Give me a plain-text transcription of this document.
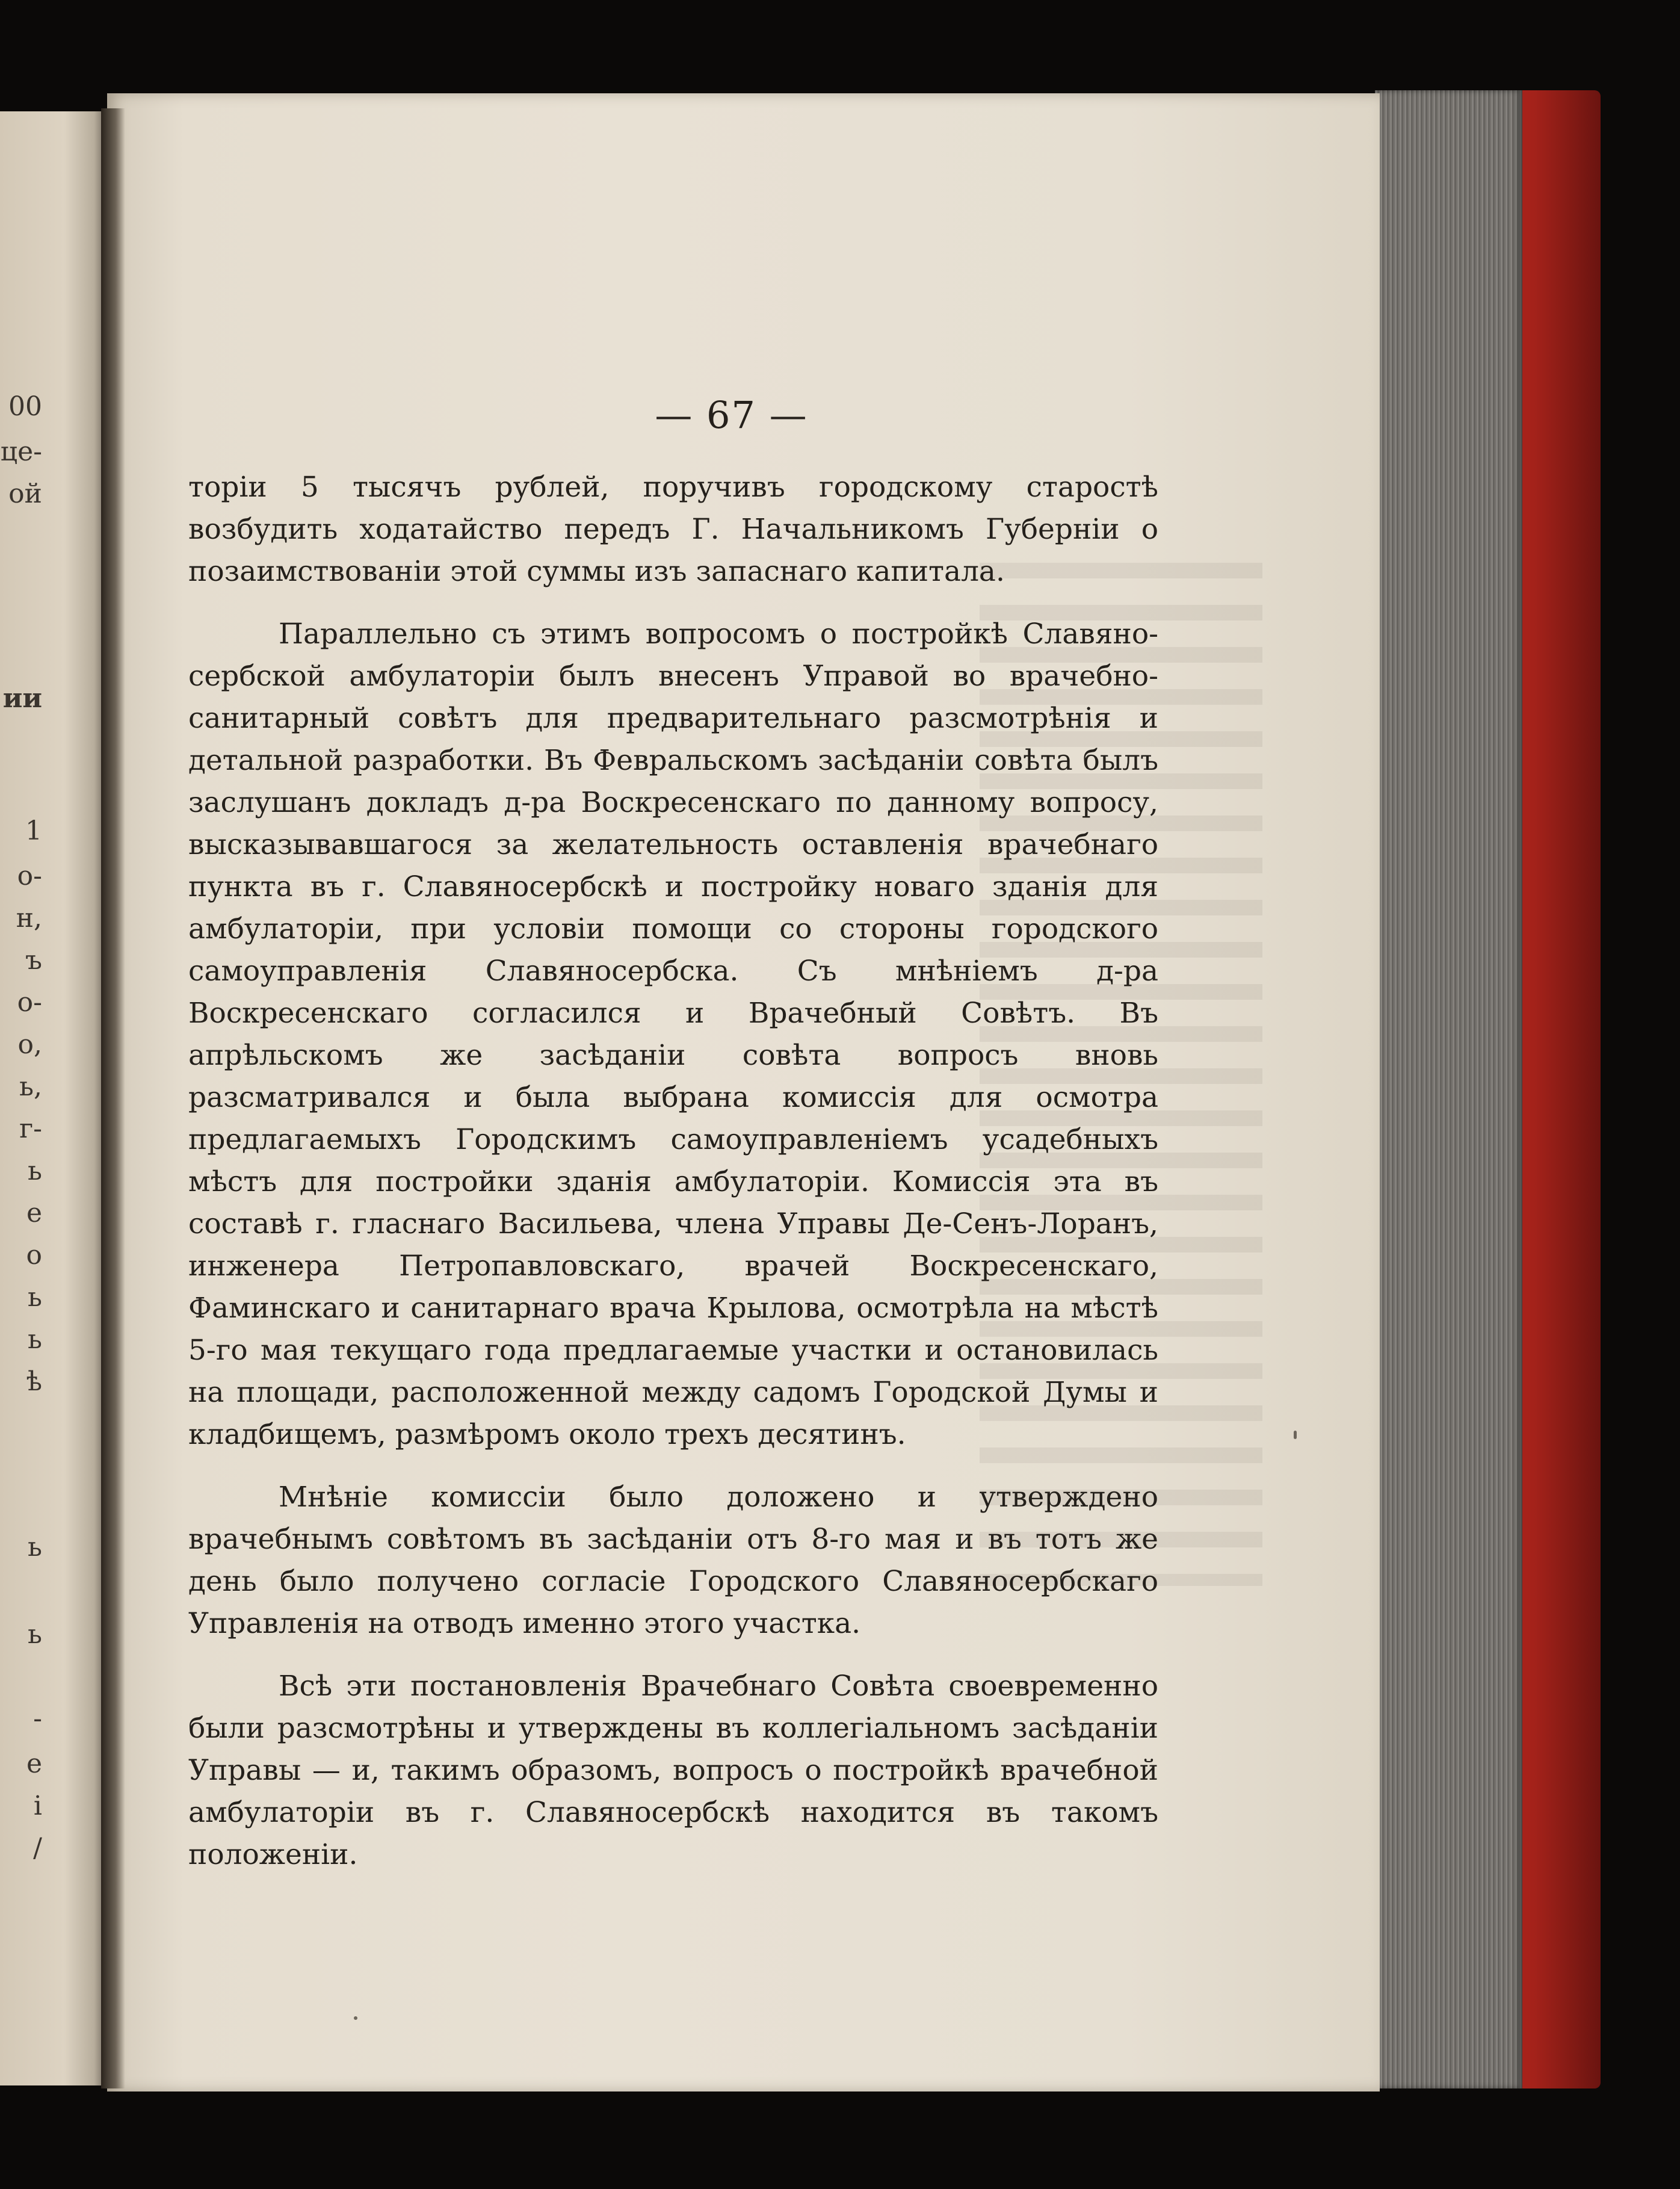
00
це-
ой
ии
1
о-
н,
ъ
о-
о,
ь,
г-
ь
е
о
ь
ь
ѣ
ь
ь
-
е
і
/
— 67 —

торіи 5 тысячъ рублей, поручивъ городскому старостѣ возбудить ходатайство передъ Г. Начальникомъ Губерніи о позаимствованіи этой суммы изъ запаснаго капитала.

Параллельно съ этимъ вопросомъ о постройкѣ Славяно-сербской амбулаторіи былъ внесенъ Управой во врачебно-санитарный совѣтъ для предварительнаго разсмотрѣнія и детальной разработки. Въ Февральскомъ засѣданіи совѣта былъ заслушанъ докладъ д-ра Воскресенскаго по данному вопросу, высказывавшагося за желательность оставленія врачебнаго пункта въ г. Славяносербскѣ и постройку новаго зданія для амбулаторіи, при условіи помощи со стороны городского самоуправленія Славяносербска. Съ мнѣніемъ д-ра Воскресенскаго согласился и Врачебный Совѣтъ. Въ апрѣльскомъ же засѣданіи совѣта вопросъ вновь разсматривался и была выбрана комиссія для осмотра предлагаемыхъ Городскимъ самоуправленіемъ усадебныхъ мѣстъ для постройки зданія амбулаторіи. Комиссія эта въ составѣ г. гласнаго Васильева, члена Управы Де-Сенъ-Лоранъ, инженера Петропавловскаго, врачей Воскресенскаго, Фаминскаго и санитарнаго врача Крылова, осмотрѣла на мѣстѣ 5-го мая текущаго года предлагаемые участки и остановилась на площади, расположенной между садомъ Городской Думы и кладбищемъ, размѣромъ около трехъ десятинъ.

Мнѣніе комиссіи было доложено и утверждено врачебнымъ совѣтомъ въ засѣданіи отъ 8-го мая и въ тотъ же день было получено согласіе Городского Славяносербскаго Управленія на отводъ именно этого участка.

Всѣ эти постановленія Врачебнаго Совѣта своевременно были разсмотрѣны и утверждены въ коллегіальномъ засѣданіи Управы — и, такимъ образомъ, вопросъ о постройкѣ врачебной амбулаторіи въ г. Славяносербскѣ находится въ такомъ положеніи.
